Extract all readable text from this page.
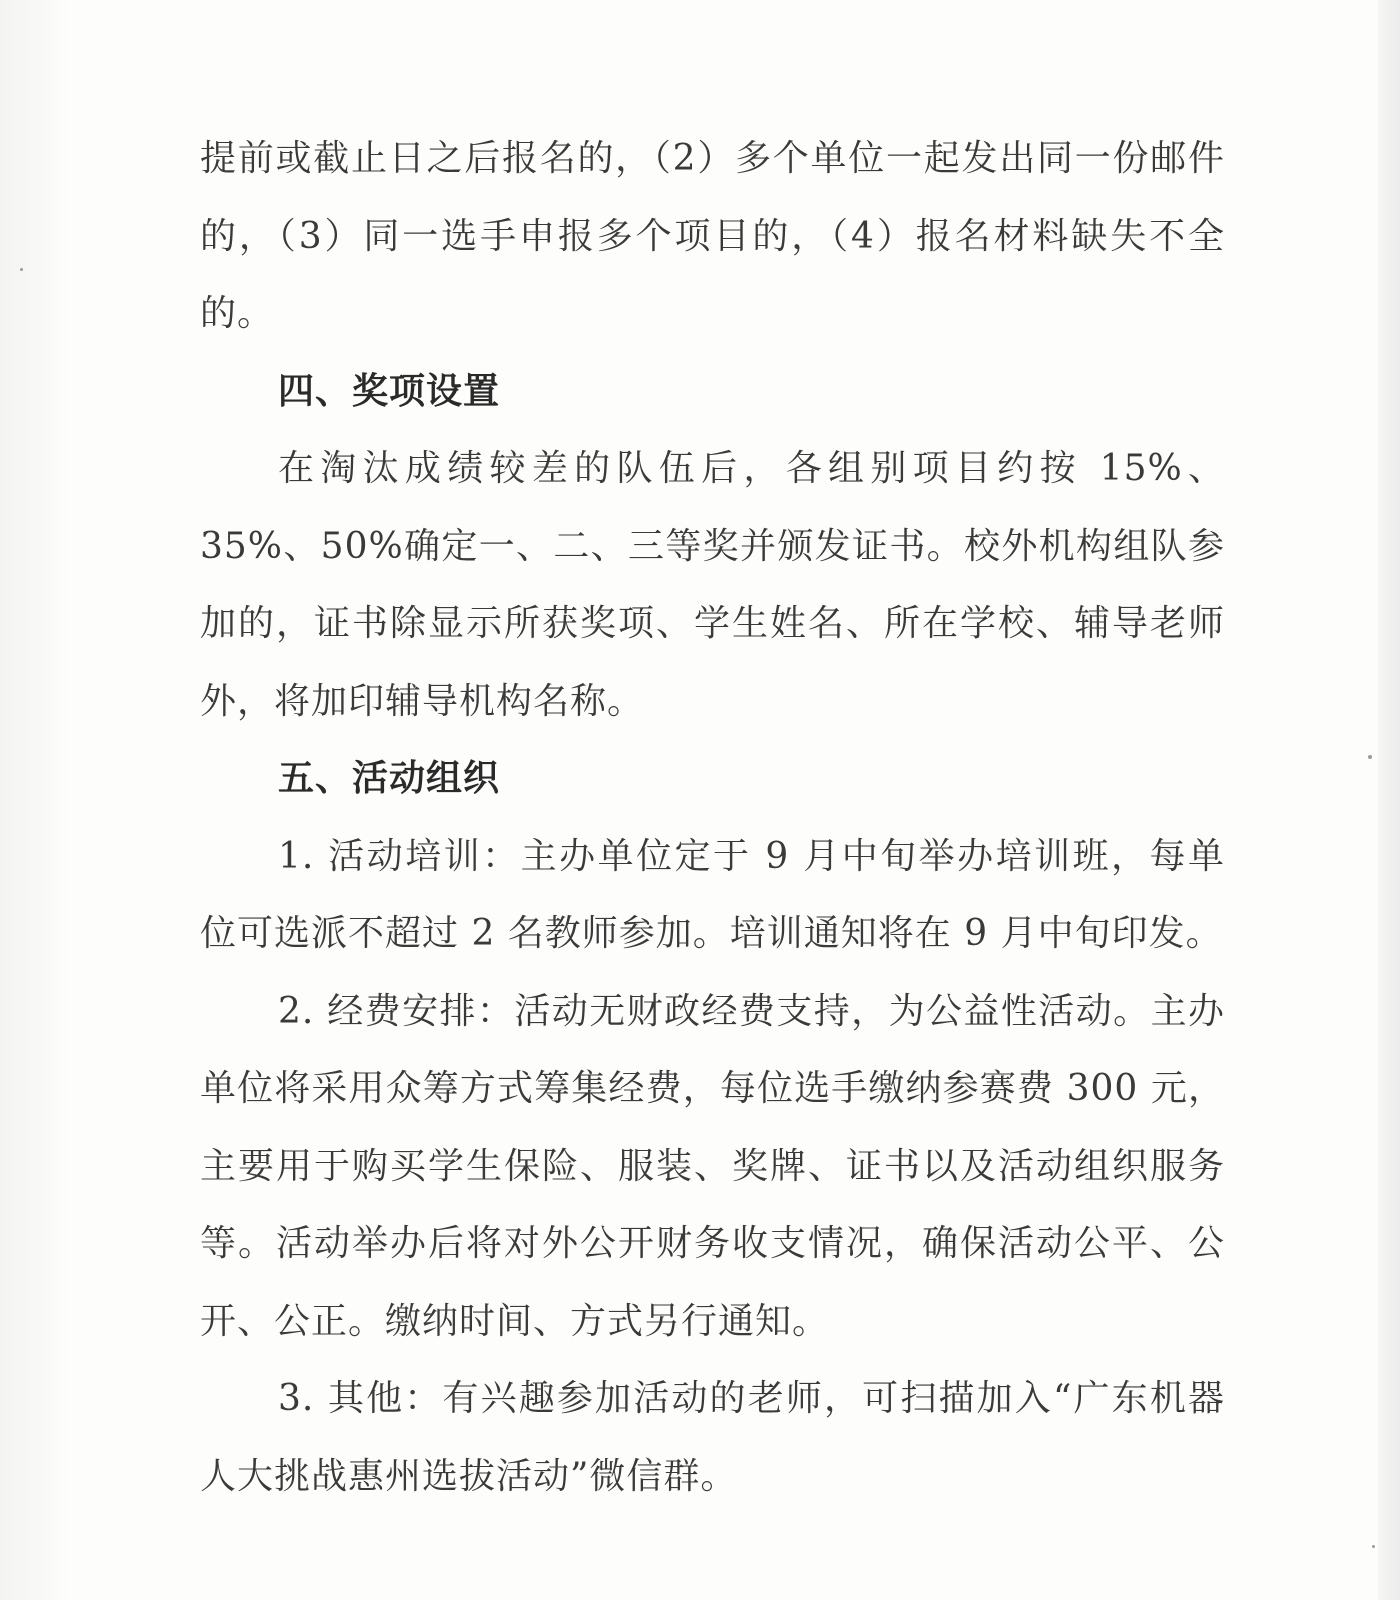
提前或截止日之后报名的，（2）多个单位一起发出同一份邮件的，（3）同一选手申报多个项目的，（4）报名材料缺失不全的。

四、奖项设置

在淘汰成绩较差的队伍后，各组别项目约按 15%、35%、50%确定一、二、三等奖并颁发证书。校外机构组队参加的，证书除显示所获奖项、学生姓名、所在学校、辅导老师外，将加印辅导机构名称。

五、活动组织

1. 活动培训：主办单位定于 9 月中旬举办培训班，每单位可选派不超过 2 名教师参加。培训通知将在 9 月中旬印发。

2. 经费安排：活动无财政经费支持，为公益性活动。主办单位将采用众筹方式筹集经费，每位选手缴纳参赛费 300 元，主要用于购买学生保险、服装、奖牌、证书以及活动组织服务等。活动举办后将对外公开财务收支情况，确保活动公平、公开、公正。缴纳时间、方式另行通知。

3. 其他：有兴趣参加活动的老师，可扫描加入“广东机器人大挑战惠州选拔活动”微信群。
